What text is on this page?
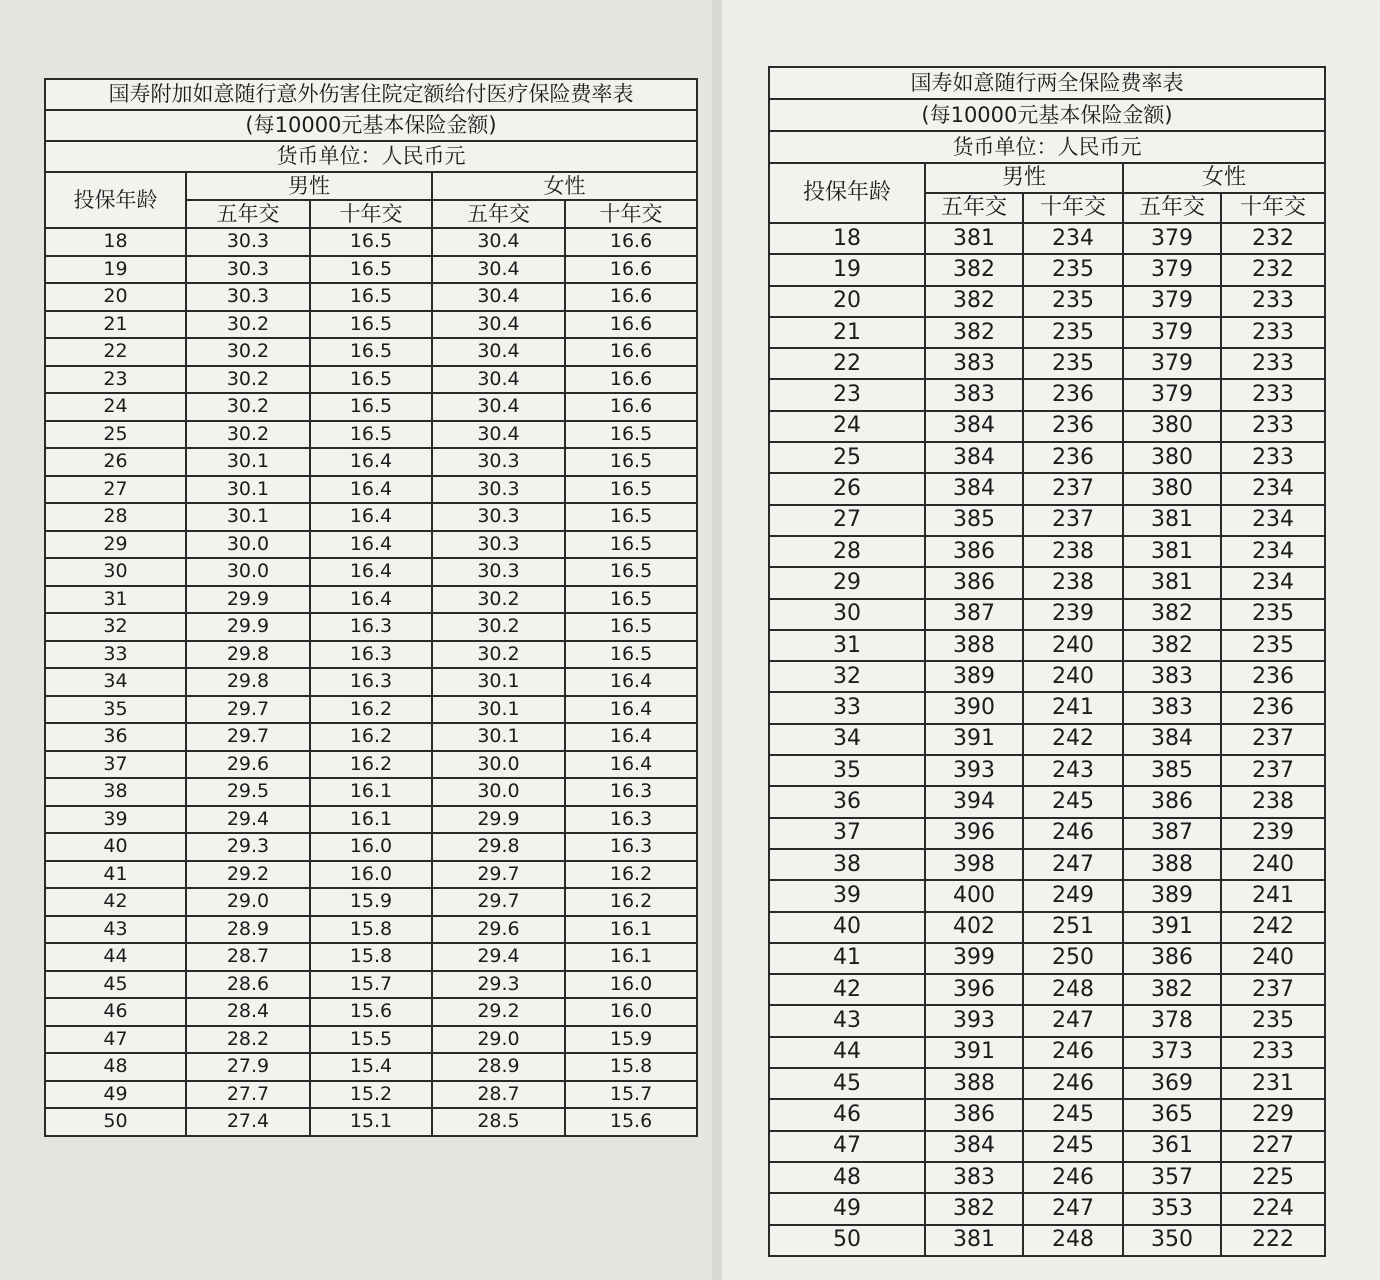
国寿附加如意随行意外伤害住院定额给付医疗保险费率表				
(每10000元基本保险金额)				
货币单位：人民币元				
投保年龄	男性		女性	
	五年交	十年交	五年交	十年交
18	30.3	16.5	30.4	16.6
19	30.3	16.5	30.4	16.6
20	30.3	16.5	30.4	16.6
21	30.2	16.5	30.4	16.6
22	30.2	16.5	30.4	16.6
23	30.2	16.5	30.4	16.6
24	30.2	16.5	30.4	16.6
25	30.2	16.5	30.4	16.5
26	30.1	16.4	30.3	16.5
27	30.1	16.4	30.3	16.5
28	30.1	16.4	30.3	16.5
29	30.0	16.4	30.3	16.5
30	30.0	16.4	30.3	16.5
31	29.9	16.4	30.2	16.5
32	29.9	16.3	30.2	16.5
33	29.8	16.3	30.2	16.5
34	29.8	16.3	30.1	16.4
35	29.7	16.2	30.1	16.4
36	29.7	16.2	30.1	16.4
37	29.6	16.2	30.0	16.4
38	29.5	16.1	30.0	16.3
39	29.4	16.1	29.9	16.3
40	29.3	16.0	29.8	16.3
41	29.2	16.0	29.7	16.2
42	29.0	15.9	29.7	16.2
43	28.9	15.8	29.6	16.1
44	28.7	15.8	29.4	16.1
45	28.6	15.7	29.3	16.0
46	28.4	15.6	29.2	16.0
47	28.2	15.5	29.0	15.9
48	27.9	15.4	28.9	15.8
49	27.7	15.2	28.7	15.7
50	27.4	15.1	28.5	15.6
国寿如意随行两全保险费率表				
(每10000元基本保险金额)				
货币单位：人民币元				
投保年龄	男性		女性	
	五年交	十年交	五年交	十年交
18	381	234	379	232
19	382	235	379	232
20	382	235	379	233
21	382	235	379	233
22	383	235	379	233
23	383	236	379	233
24	384	236	380	233
25	384	236	380	233
26	384	237	380	234
27	385	237	381	234
28	386	238	381	234
29	386	238	381	234
30	387	239	382	235
31	388	240	382	235
32	389	240	383	236
33	390	241	383	236
34	391	242	384	237
35	393	243	385	237
36	394	245	386	238
37	396	246	387	239
38	398	247	388	240
39	400	249	389	241
40	402	251	391	242
41	399	250	386	240
42	396	248	382	237
43	393	247	378	235
44	391	246	373	233
45	388	246	369	231
46	386	245	365	229
47	384	245	361	227
48	383	246	357	225
49	382	247	353	224
50	381	248	350	222
